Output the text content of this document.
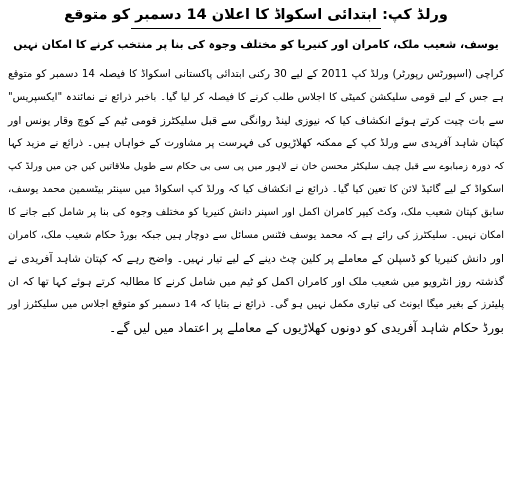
ورلڈ کپ: ابتدائی اسکواڈ کا اعلان 14 دسمبر کو متوقع
یوسف، شعیب ملک، کامران اور کنیریا کو مختلف وجوہ کی بنا پر منتخب کرنے کا امکان نہیں
کراچی (اسپورٹس رپورٹر) ورلڈ کپ 2011 کے لیے 30 رکنی ابتدائی پاکستانی اسکواڈ کا فیصلہ 14 دسمبر کو متوقع
ہے جس کے لیے قومی سلیکشن کمیٹی کا اجلاس طلب کرنے کا فیصلہ کر لیا گیا۔ باخبر ذرائع نے نمائندہ "ایکسپریس"
سے بات چیت کرتے ہوئے انکشاف کیا کہ نیوزی لینڈ روانگی سے قبل سلیکٹرز قومی ٹیم کے کوچ وقار یونس اور
کپتان شاہد آفریدی سے ورلڈ کپ کے ممکنہ کھلاڑیوں کی فہرست پر مشاورت کے خواہاں ہیں۔ ذرائع نے مزید کہا
کہ دورہ زمبابوے سے قبل چیف سلیکٹر محسن خان نے لاہور میں پی سی بی حکام سے طویل ملاقاتیں کیں جن میں ورلڈ کپ
اسکواڈ کے لیے گائیڈ لائن کا تعین کیا گیا۔ ذرائع نے انکشاف کیا کہ ورلڈ کپ اسکواڈ میں سینئر بیٹسمین محمد یوسف،
سابق کپتان شعیب ملک، وکٹ کیپر کامران اکمل اور اسپنر دانش کنیریا کو مختلف وجوہ کی بنا پر شامل کیے جانے کا
امکان نہیں۔ سلیکٹرز کی رائے ہے کہ محمد یوسف فٹنس مسائل سے دوچار ہیں جبکہ بورڈ حکام شعیب ملک، کامران
اور دانش کنیریا کو ڈسپلن کے معاملے پر کلین چٹ دینے کے لیے تیار نہیں۔ واضح رہے کہ کپتان شاہد آفریدی نے
گذشتہ روز انٹرویو میں شعیب ملک اور کامران اکمل کو ٹیم میں شامل کرنے کا مطالبہ کرتے ہوئے کہا تھا کہ ان
پلیئرز کے بغیر میگا ایونٹ کی تیاری مکمل نہیں ہو گی۔ ذرائع نے بتایا کہ 14 دسمبر کو متوقع اجلاس میں سلیکٹرز اور
بورڈ حکام شاہد آفریدی کو دونوں کھلاڑیوں کے معاملے پر اعتماد میں لیں گے۔
